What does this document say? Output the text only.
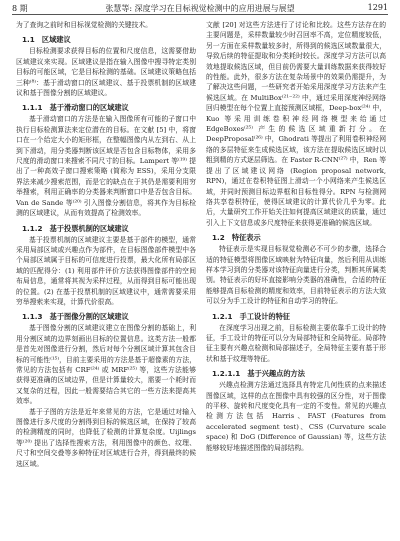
8 期	张慧等: 深度学习在目标视觉检测中的应用进展与展望	1291

为了查询之前时和目标视觉检测的关键技术。

1.1 区域建议

目标检测要求获得目标的位置和尺度信息，这需要借助区域建议来实现。区域建议是指在输入图像中搜寻特定类别目标的可能区域，它是目标检测的基础。区域建议策略包括三种⁽⁸⁾：基于滑动窗口的区域建议、基于投票机制的区域建议和基于图像分割的区域建议。

1.1.1 基于滑动窗口的区域建议

基于滑动窗口的方法是在输入图像所有可能的子窗口中执行目标检测算法来定位潜在的目标。在文献 [5] 中，将窗口在一个给定大小的矩形框，在整幅图像内从左到右、从上到下滑动，用分类器判断该区域是否包含目标物体，采用多尺度的滑动窗口来搜索不同尺寸的目标。Lampert 等⁽¹⁹⁾ 提出了一种高效子窗口搜索策略 (简称为 ESS)，采用分支限界法来减少搜索范围，而是它的缺点在于其仍是需要利用穷举搜索，利用正确率的分类器来判断窗口中是否包含目标。Van de Sande 等⁽²⁰⁾ 引入图像分割信息，将其作为目标检测的区域建议，从而有效提高了检测效率。

1.1.2 基于投票机制的区域建议

基于投票机制的区域建议主要是基于部件的模型，通常采用局部区域或兴趣点作为部件，在目标图像部件模型中各个局部区域属于目标的可信度进行投票，最大化所有局部区域的匹配得分：(1) 利用部件评价方法获得图像部件的空间布局信息，通常将其视为采样过程，从而得到目标可能出现的位置。(2) 在基于投票机制的区域建议中，通常需要采用穷举搜索来实现，计算代价很高。

1.1.3 基于图像分割的区域建议

基于图像分割的区域建议建立在图像分割的基础上，利用分割区域的边界刻画出目标的位置信息。这类方法一般都是首先对图像进行分割，然后对每个分割区域计算其包含目标的可能性⁽¹⁵⁾，目前主要采用的方法是基于超像素的方法，常见的方法包括有 CRF⁽²⁴⁾ 或 MRF⁽²⁵⁾ 等，这些方法能够获得更准确的区域边界，但是计算量较大，需要一个耗时而又复杂的过程，因此一般需要结合其它的一些方法来提高其效率。

基于子图的方法是近年来常见的方法，它是通过对输入图像进行多尺度的分割得到目标的候选区域，在保持了较高的检测精度的同时，也降低了检测的计算复杂度。Uijlings 等⁽²⁰⁾ 提出了选择性搜索方法，利用图像中的颜色、纹理、尺寸和空间交叠等多种特征对区域进行合并，得到最终的候选区域。

文献 [20] 对这些方法进行了讨论和比较。这些方法存在的主要问题是，采样数量较少时召回率不高，定位精度较低，另一方面在采样数量较多时，所得到的候选区域数量很大，导致后续的特征提取和分类耗时较长。深度学习方法可以高效地提取候选区域，但目前仍需要大量训练数据来获得较好的性能。此外，很多方法在复杂场景中的效果仍需提升，为了解决这些问题，一些研究者开始采用深度学习方法来产生候选区域。在 MultiBox⁽²¹⁻²²⁾ 中，通过采用深度神经网络回归模型在每个位置上直接预测区域框，Deep-box⁽²⁴⁾ 中，Kuo 等采用训练卷积神经网络模型来给通过 EdgeBoxes⁽²⁵⁾ 产生的候选区域重新打分。在 DeepProposal⁽²⁶⁾ 中，Ghodrati 等提出了利用卷积神经网络的多层特征来生成候选区域，该方法在提取候选区域时以粗到精的方式逐层筛选。在 Faster R-CNN⁽²⁷⁾ 中，Ren 等提出了区域建议网络 (Region proposal network, RPN)，通过在卷积特征图上滑动一个小网络来产生候选区域，并同时预测目标边界框和目标性得分。RPN 与检测网络共享卷积特征，使得区域建议的计算代价几乎为零。此后，大量研究工作开始关注如何提高区域建议的质量，通过引入上下文信息或多尺度特征来获得更准确的候选区域。

1.2 特征表示

特征表示是实现目标视觉检测必不可少的步骤，选择合适的特征模型将图像区域映射为特征向量，然后利用从训练样本学习到的分类器对该特征向量进行分类，判断其所属类别。特征表示的好坏直接影响分类器的准确性，合适的特征能够提高目标检测的精度和效率，目前特征表示的方法大致可以分为手工设计的特征和自动学习的特征。

1.2.1 手工设计的特征

在深度学习出现之前，目标检测主要依靠手工设计的特征，手工设计的特征可以分为局部特征和全局特征。局部特征主要有兴趣点检测和局部描述子，全局特征主要有基于形状和基于纹理等特征。

1.2.1.1 基于兴趣点的方法

兴趣点检测方法通过选择具有特定几何性质的点来描述图像区域，这样的点在图像中具有较强的区分性，对于图像的平移、旋转和尺度变化具有一定的不变性。常见的兴趣点检测方法包括 Harris、FAST (Features from accelerated segment test)、CSS (Curvature scale space) 和 DoG (Difference of Gaussian) 等，这些方法能够较好地描述图像的局部结构。
